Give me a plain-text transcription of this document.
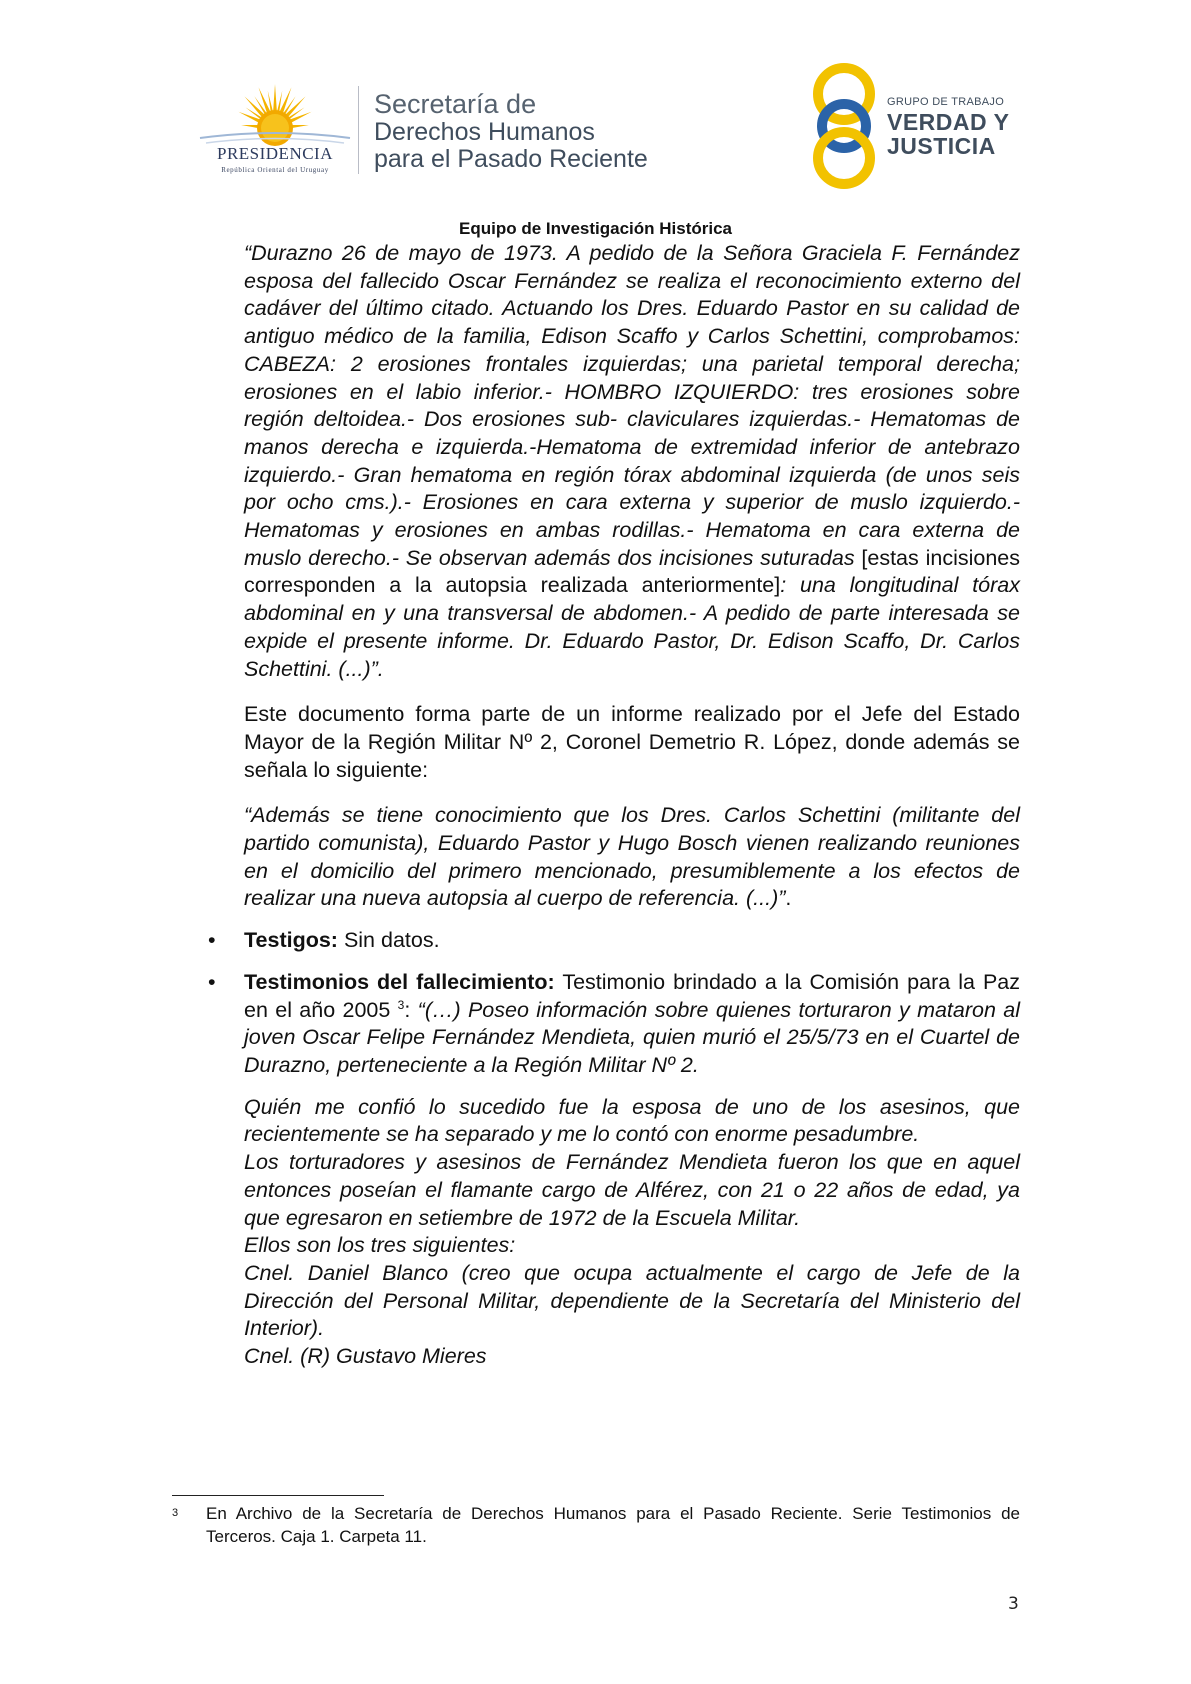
PRESIDENCIA
República Oriental del Uruguay
Secretaría de
Derechos Humanos
para el Pasado Reciente
GRUPO DE TRABAJO
VERDAD Y
JUSTICIA
Equipo de Investigación Histórica

“Durazno 26 de mayo de 1973. A pedido de la Señora Graciela F. Fernández esposa del fallecido Oscar Fernández se realiza el reconocimiento externo del cadáver del último citado. Actuando los Dres. Eduardo Pastor en su calidad de antiguo médico de la familia, Edison Scaffo y Carlos Schettini, comprobamos: CABEZA: 2 erosiones frontales izquierdas; una parietal temporal derecha; erosiones en el labio inferior.- HOMBRO IZQUIERDO: tres erosiones sobre región deltoidea.- Dos erosiones sub- claviculares izquierdas.- Hematomas de manos derecha e izquierda.-Hematoma de extremidad inferior de antebrazo izquierdo.- Gran hematoma en región tórax abdominal izquierda (de unos seis por ocho cms.).- Erosiones en cara externa y superior de muslo izquierdo.- Hematomas y erosiones en ambas rodillas.- Hematoma en cara externa de muslo derecho.- Se observan además dos incisiones suturadas [estas incisiones corresponden a la autopsia realizada anteriormente]: una longitudinal tórax abdominal en y una transversal de abdomen.- A pedido de parte interesada se expide el presente informe. Dr. Eduardo Pastor, Dr. Edison Scaffo, Dr. Carlos Schettini. (...)”.

Este documento forma parte de un informe realizado por el Jefe del Estado Mayor de la Región Militar Nº 2, Coronel Demetrio R. López, donde además se señala lo siguiente:

“Además se tiene conocimiento que los Dres. Carlos Schettini (militante del partido comunista), Eduardo Pastor y Hugo Bosch vienen realizando reuniones en el domicilio del primero mencionado, presumiblemente a los efectos de realizar una nueva autopsia al cuerpo de referencia. (...)”.

• Testigos: Sin datos.

• Testimonios del fallecimiento: Testimonio brindado a la Comisión para la Paz en el año 2005 $^3$: “(…) Poseo información sobre quienes torturaron y mataron al joven Oscar Felipe Fernández Mendieta, quien murió el 25/5/73 en el Cuartel de Durazno, perteneciente a la Región Militar Nº 2.

Quién me confió lo sucedido fue la esposa de uno de los asesinos, que recientemente se ha separado y me lo contó con enorme pesadumbre.

Los torturadores y asesinos de Fernández Mendieta fueron los que en aquel entonces poseían el flamante cargo de Alférez, con 21 o 22 años de edad, ya que egresaron en setiembre de 1972 de la Escuela Militar.

Ellos son los tres siguientes:

Cnel. Daniel Blanco (creo que ocupa actualmente el cargo de Jefe de la Dirección del Personal Militar, dependiente de la Secretaría del Ministerio del Interior).

Cnel. (R) Gustavo Mieres

3 En Archivo de la Secretaría de Derechos Humanos para el Pasado Reciente. Serie Testimonios de Terceros. Caja 1. Carpeta 11.
3
